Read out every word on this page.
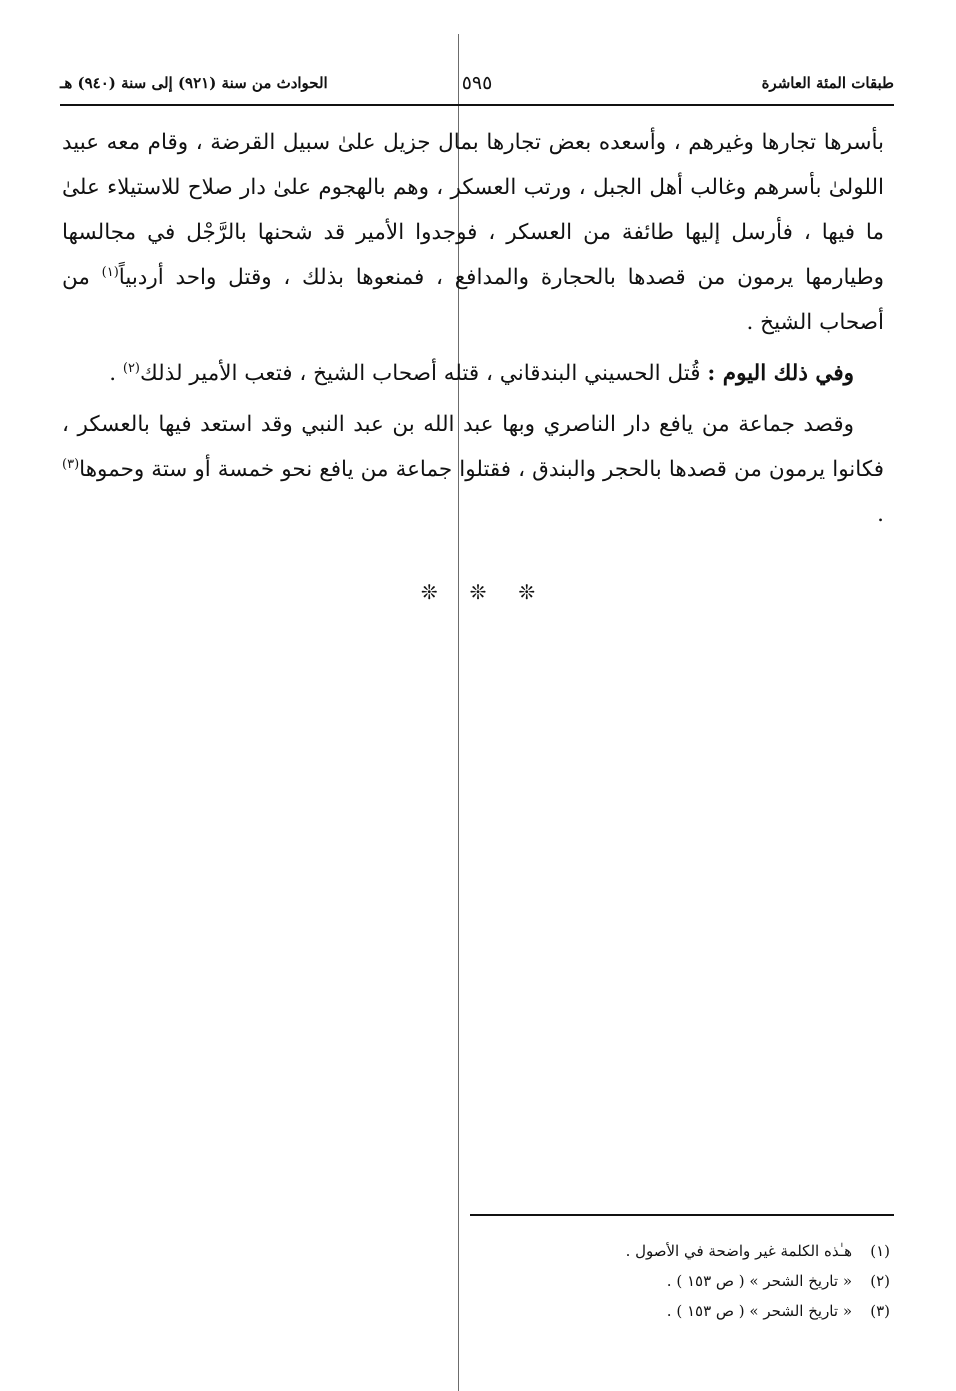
طبقات المئة العاشرة
٥٩٥
الحوادث من سنة (٩٢١) إلى سنة (٩٤٠) هـ

بأسرها تجارها وغيرهم ، وأسعده بعض تجارها بمال جزيل علىٰ سبيل القرضة ، وقام معه عبيد اللولىٰ بأسرهم وغالب أهل الجبل ، ورتب العسكر ، وهم بالهجوم علىٰ دار صلاح للاستيلاء علىٰ ما فيها ، فأرسل إليها طائفة من العسكر ، فوجدوا الأمير قد شحنها بالرَّجْل في مجالسها وطيارمها يرمون من قصدها بالحجارة والمدافع ، فمنعوها بذلك ، وقتل واحد أردبياً$^{(١)}$ من أصحاب الشيخ .

وفي ذلك اليوم : قُتل الحسيني البندقاني ، قتله أصحاب الشيخ ، فتعب الأمير لذلك$^{(٢)}$ .

وقصد جماعة من يافع دار الناصري وبها عبد الله بن عبد النبي وقد استعد فيها بالعسكر ، فكانوا يرمون من قصدها بالحجر والبندق ، فقتلوا جماعة من يافع نحو خمسة أو ستة وحموها$^{(٣)}$ .

❊ ❊ ❊
(١)
هـٰذه الكلمة غير واضحة في الأصول .
(٢)
« تاريخ الشحر » ( ص ١٥٣ ) .
(٣)
« تاريخ الشحر » ( ص ١٥٣ ) .
